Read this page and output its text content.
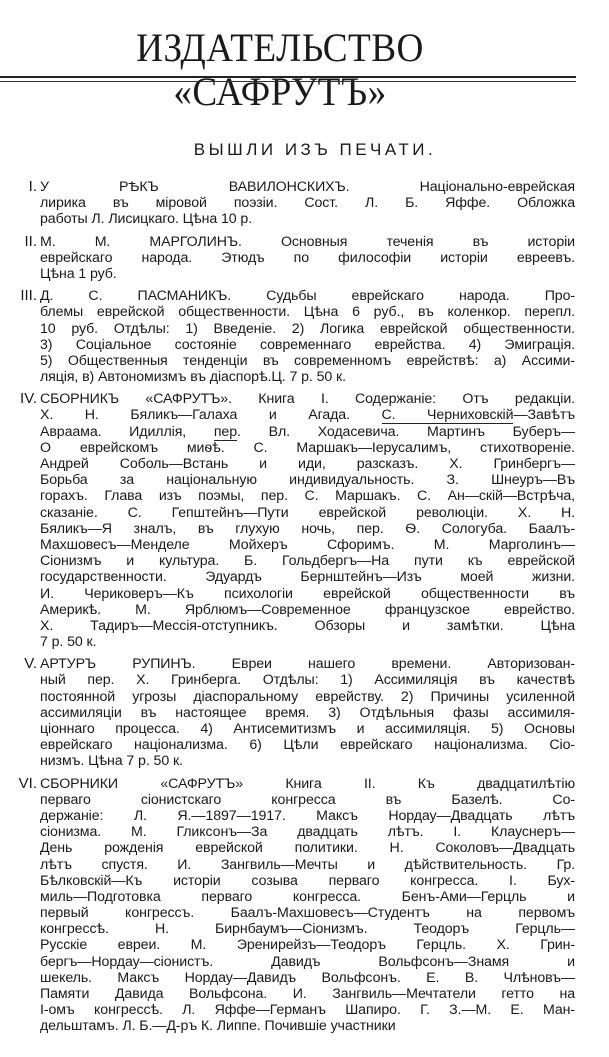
ИЗДАТЕЛЬСТВО «САФРУТЪ»
ВЫШЛИ ИЗЪ ПЕЧАТИ.
I. У РѢКЪ ВАВИЛОНСКИХЪ. Національно-еврейская
лирика въ міровой поэзіи. Сост. Л. Б. Яффе. Обложка
работы Л. Лисицкаго. Цѣна 10 р.
II. М. М. МАРГОЛИНЪ. Основныя теченія въ исторіи
еврейскаго народа. Этюдъ по философіи исторіи евреевъ.
Цѣна 1 руб.
III. Д. С. ПАСМАНИКЪ. Судьбы еврейскаго народа. Про-
блемы еврейской общественности. Цѣна 6 руб., въ коленкор. перепл.
10 руб. Отдѣлы: 1) Введеніе. 2) Логика еврейской общественности.
3) Соціальное состояніе современнаго еврейства. 4) Эмиграція.
5) Общественныя тенденціи въ современномъ еврействѣ: а) Ассими-
ляція, в) Автономизмъ въ діаспорѣ.Ц. 7 р. 50 к.
IV. СБОРНИКЪ «САФРУТЪ». Книга I. Содержаніе: Отъ редакціи.
Х. Н. Бяликъ—Галаха и Агада. С. Черниховскій—Завѣтъ
Авраама. Идиллія, пер. Вл. Ходасевича. Мартинъ Буберъ—
О еврейскомъ миѳѣ. С. Маршакъ—Іерусалимъ, стихотвореніе.
Андрей Соболь—Встань и иди, разсказъ. Х. Гринбергъ—
Борьба за національную индивидуальность. З. Шнеуръ—Въ
горахъ. Глава изъ поэмы, пер. С. Маршакъ. С. Ан—скій—Встрѣча,
сказаніе. С. Гепштейнъ—Пути еврейской революціи. Х. Н.
Бяликъ—Я зналъ, въ глухую ночь, пер. Ѳ. Сологуба. Баалъ-
Махшовесъ—Менделе Мойхеръ Сфоримъ. М. Марголинъ—
Сіонизмъ и культура. Б. Гольдбергъ—На пути къ еврейской
государственности. Эдуардъ Бернштейнъ—Изъ моей жизни.
И. Чериковеръ—Къ психологіи еврейской общественности въ
Америкѣ. М. Ярблюмъ—Современное французское еврейство.
Х. Тадиръ—Мессія-отступникъ. Обзоры и замѣтки. Цѣна
7 р. 50 к.
V. АРТУРЪ РУПИНЪ. Евреи нашего времени. Авторизован-
ный пер. Х. Гринберга. Отдѣлы: 1) Ассимиляція въ качествѣ
постоянной угрозы діаспоральному еврейству. 2) Причины усиленной
ассимиляціи въ настоящее время. 3) Отдѣльныя фазы ассимиля-
ціоннаго процесса. 4) Антисемитизмъ и ассимиляція. 5) Основы
еврейскаго націонализма. 6) Цѣли еврейскаго націонализма. Сіо-
низмъ. Цѣна 7 р. 50 к.
VI. СБОРНИКИ «САФРУТЪ» Книга II. Къ двадцатилѣтію
перваго сіонистскаго конгресса въ Базелѣ. Со-
держаніе: Л. Я.—1897—1917. Максъ Нордау—Двадцать лѣтъ
сіонизма. М. Гликсонъ—За двадцать лѣтъ. І. Клауснеръ—
День рожденія еврейской политики. Н. Соколовъ—Двадцать
лѣтъ спустя. И. Зангвиль—Мечты и дѣйствительность. Гр.
Бѣлковскій—Къ исторіи созыва перваго конгресса. І. Бух-
миль—Подготовка перваго конгресса. Бенъ-Ами—Герцль и
первый конгрессъ. Баалъ-Махшовесъ—Студентъ на первомъ
конгрессѣ. Н. Бирнбаумъ—Сіонизмъ. Теодоръ Герцль—
Русскіе евреи. М. Эренирейзъ—Теодоръ Герцль. Х. Грин-
бергъ—Нордау—сіонистъ. Давидъ Вольфсонъ—Знамя и
шекель. Максъ Нордау—Давидъ Вольфсонъ. Е. В. Члѣновъ—
Памяти Давида Вольфсона. И. Зангвиль—Мечтатели гетто на
І-омъ конгрессѣ. Л. Яффе—Германъ Шапиро. Г. З.—М. Е. Ман-
дельштамъ. Л. Б.—Д-ръ К. Липпе. Почившіе участники
